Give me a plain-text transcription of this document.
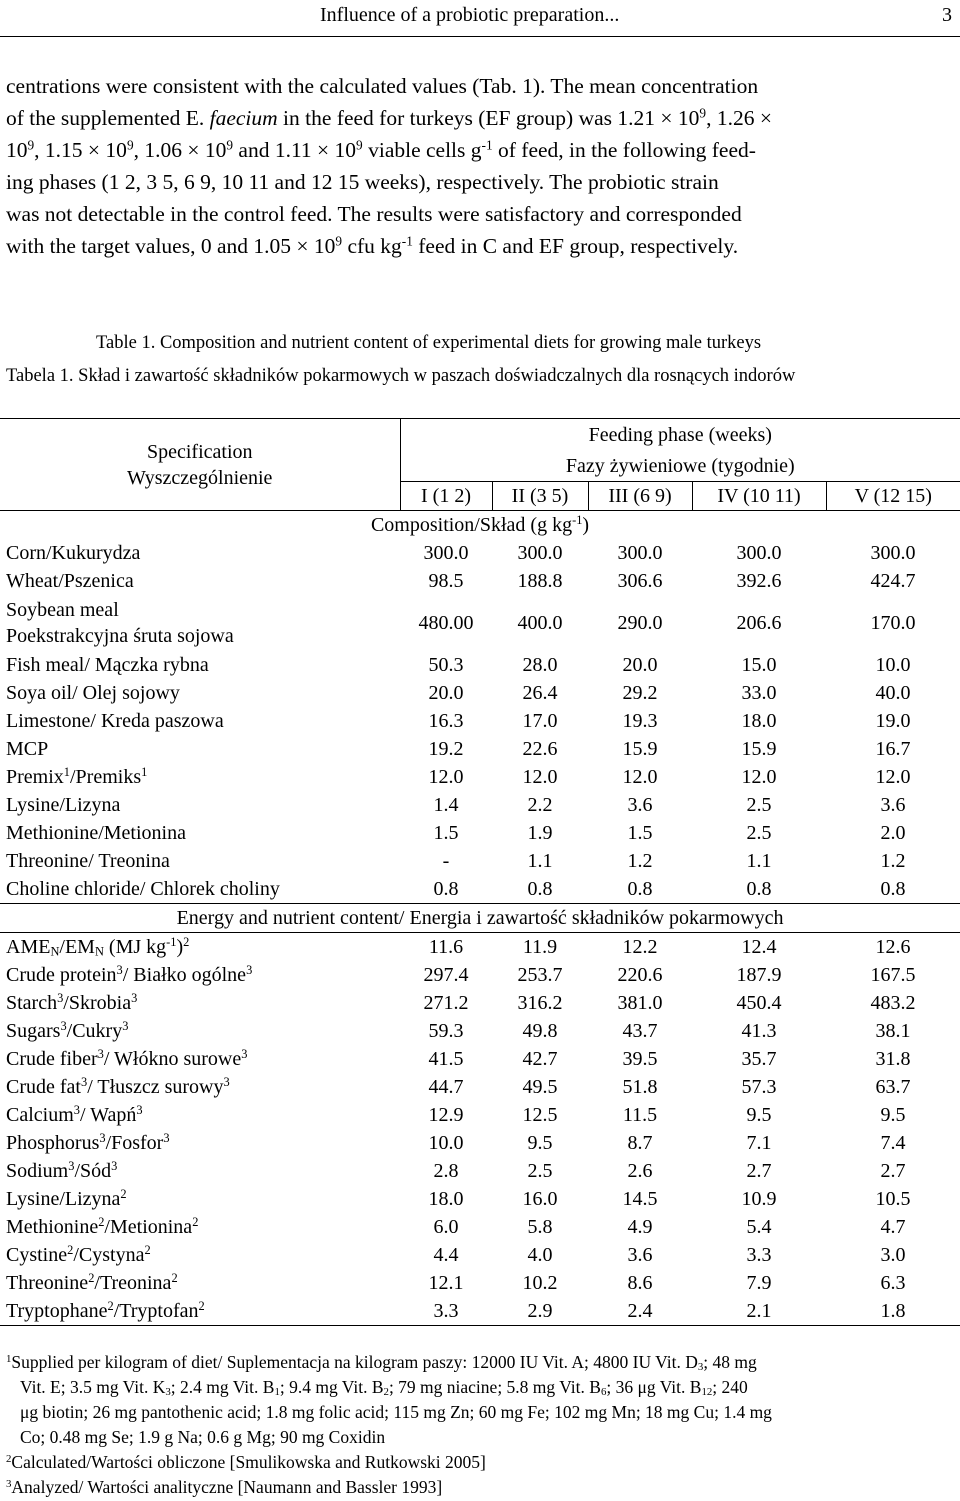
Influence of a probiotic preparation...	3

centrations were consistent with the calculated values (Tab. 1). The mean concentration

of the supplemented E. faecium in the feed for turkeys (EF group) was $1.21 \times 10^9$, 1.26 ×

$10^9$, $1.15 \times 10^9$, $1.06 \times 10^9$ and $1.11 \times 10^9$ viable cells $g^{-1}$ of feed, in the following feed-

ing phases (1 2, 3 5, 6 9, 10 11 and 12 15 weeks), respectively. The probiotic strain

was not detectable in the control feed. The results were satisfactory and corresponded

with the target values, 0 and $1.05 \times 10^9$ cfu $kg^{-1}$ feed in C and EF group, respectively.

Table 1. Composition and nutrient content of experimental diets for growing male turkeys
Tabela 1. Skład i zawartość składników pokarmowych w paszach doświadczalnych dla rosnących indorów
Specification
Wyszczególnienie	Feeding phase (weeks)				
	Fazy żywieniowe (tygodnie)				
	I (1 2)	II (3 5)	III (6 9)	IV (10 11)	V (12 15)
Composition/Skład (g $kg^{-1}$)					
Corn/Kukurydza	300.0	300.0	300.0	300.0	300.0
Wheat/Pszenica	98.5	188.8	306.6	392.6	424.7

Soybean meal
Poekstrakcyjna śruta sojowa	480.00	400.0	290.0	206.6	170.0
Fish meal/ Mączka rybna	50.3	28.0	20.0	15.0	10.0
Soya oil/ Olej sojowy	20.0	26.4	29.2	33.0	40.0
Limestone/ Kreda paszowa	16.3	17.0	19.3	18.0	19.0
MCP	19.2	22.6	15.9	15.9	16.7
Premix$^1$/Premiks$^1$	12.0	12.0	12.0	12.0	12.0
Lysine/Lizyna	1.4	2.2	3.6	2.5	3.6
Methionine/Metionina	1.5	1.9	1.5	2.5	2.0
Threonine/ Treonina	-	1.1	1.2	1.1	1.2
Choline chloride/ Chlorek choliny	0.8	0.8	0.8	0.8	0.8
Energy and nutrient content/ Energia i zawartość składników pokarmowych					
$AME_N/EM_N$ (MJ $kg^{-1})^2$	11.6	11.9	12.2	12.4	12.6
Crude protein$^3$/ Białko ogólne$^3$	297.4	253.7	220.6	187.9	167.5
Starch$^3$/Skrobia$^3$	271.2	316.2	381.0	450.4	483.2
Sugars$^3$/Cukry$^3$	59.3	49.8	43.7	41.3	38.1
Crude fiber$^3$/ Włókno surowe$^3$	41.5	42.7	39.5	35.7	31.8
Crude fat$^3$/ Tłuszcz surowy$^3$	44.7	49.5	51.8	57.3	63.7
Calcium$^3$/ Wapń$^3$	12.9	12.5	11.5	9.5	9.5
Phosphorus$^3$/Fosfor$^3$	10.0	9.5	8.7	7.1	7.4
Sodium$^3$/Sód$^3$	2.8	2.5	2.6	2.7	2.7
Lysine/Lizyna$^2$	18.0	16.0	14.5	10.9	10.5
Methionine$^2$/Metionina$^2$	6.0	5.8	4.9	5.4	4.7
Cystine$^2$/Cystyna$^2$	4.4	4.0	3.6	3.3	3.0
Threonine$^2$/Treonina$^2$	12.1	10.2	8.6	7.9	6.3
Tryptophane$^2$/Tryptofan$^2$	3.3	2.9	2.4	2.1	1.8

$^1$Supplied per kilogram of diet/ Suplementacja na kilogram paszy: 12000 IU Vit. A; 4800 IU Vit. $D_3$; 48 mg

Vit. E; 3.5 mg Vit. $K_3$; 2.4 mg Vit. $B_1$; 9.4 mg Vit. $B_2$; 79 mg niacine; 5.8 mg Vit. $B_6$; 36 μg Vit. $B_{12}$; 240

μg biotin; 26 mg pantothenic acid; 1.8 mg folic acid; 115 mg Zn; 60 mg Fe; 102 mg Mn; 18 mg Cu; 1.4 mg

Co; 0.48 mg Se; 1.9 g Na; 0.6 g Mg; 90 mg Coxidin

$^2$Calculated/Wartości obliczone [Smulikowska and Rutkowski 2005]

$^3$Analyzed/ Wartości analityczne [Naumann and Bassler 1993]
